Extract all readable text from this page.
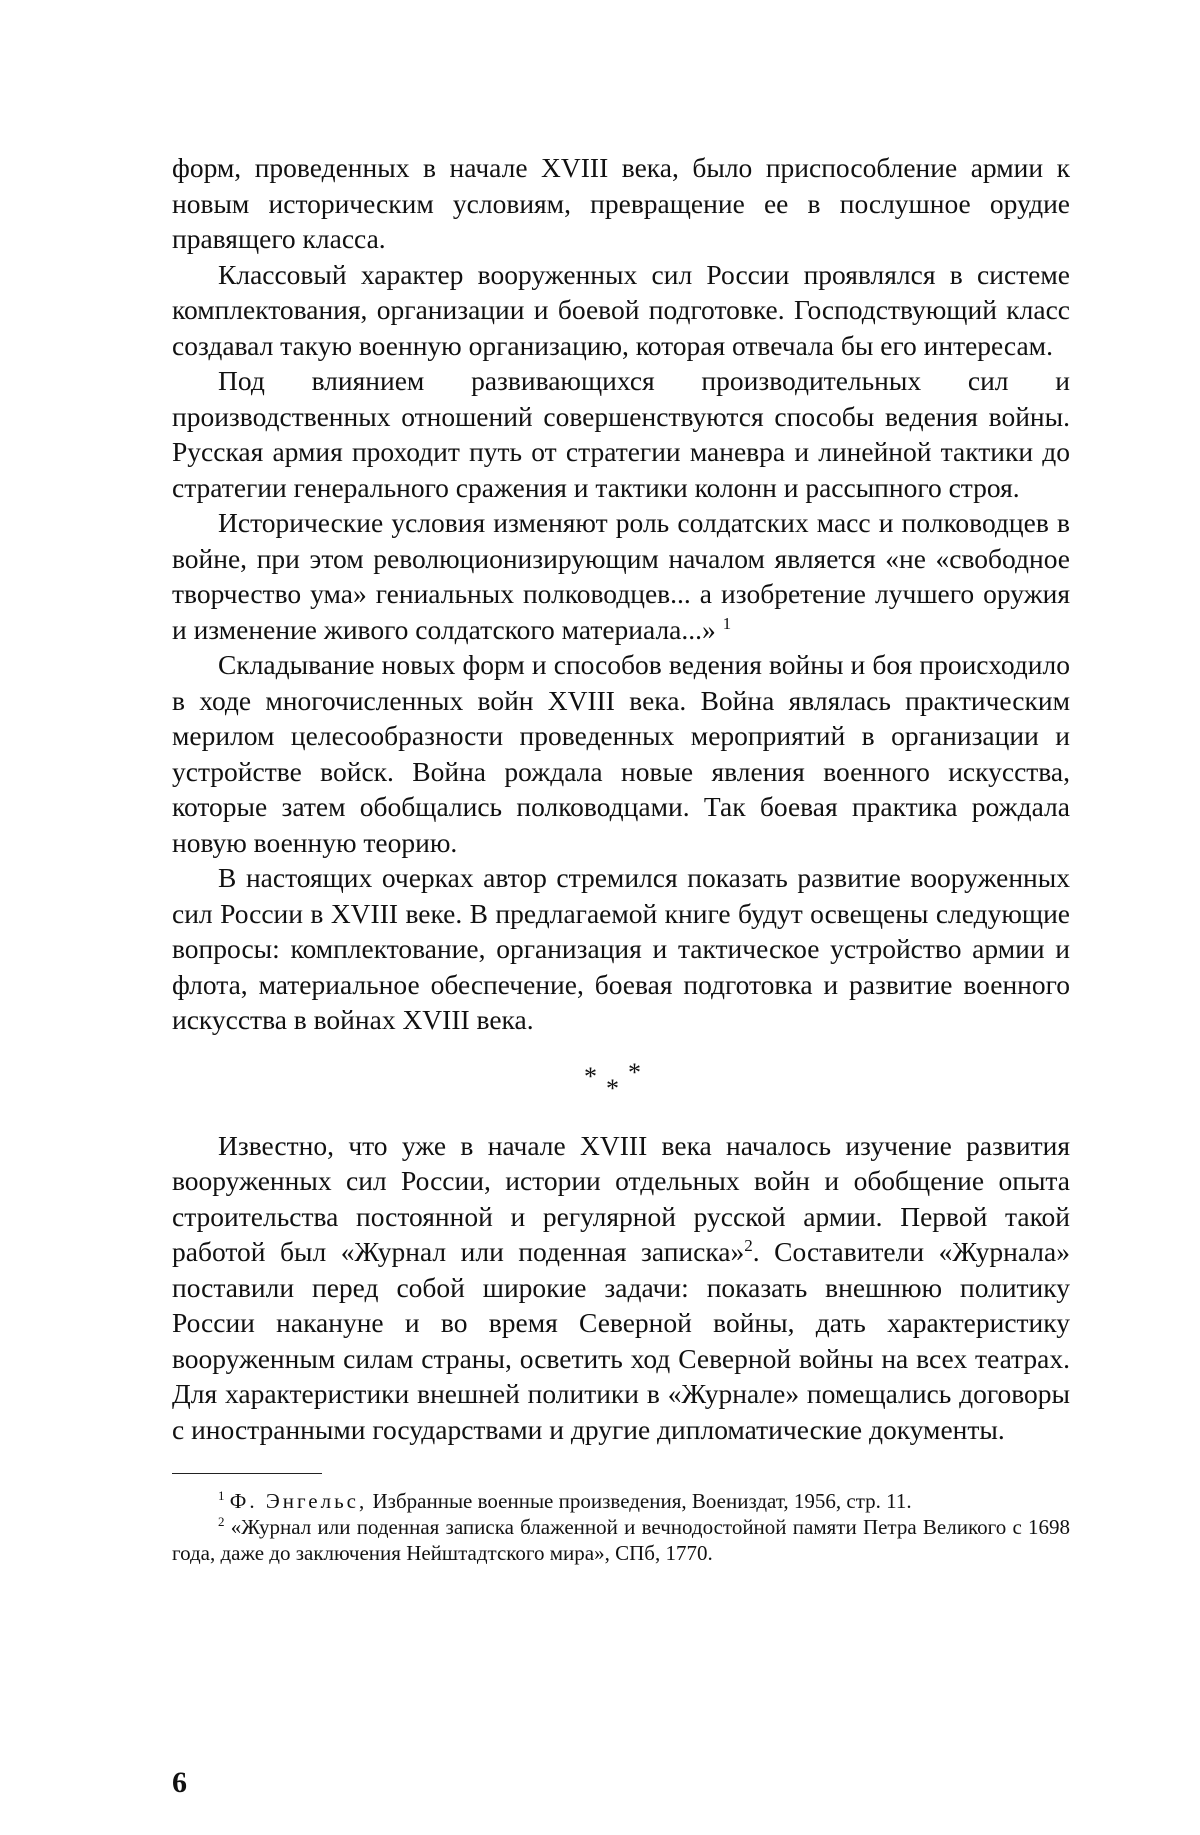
форм, проведенных в начале XVIII века, было приспособление армии к новым историческим условиям, превращение ее в послушное орудие правящего класса.

Классовый характер вооруженных сил России проявлялся в системе комплектования, организации и боевой подготовке. Господствующий класс создавал такую военную организацию, которая отвечала бы его интересам.

Под влиянием развивающихся производительных сил и производственных отношений совершенствуются способы ведения войны. Русская армия проходит путь от стратегии маневра и линейной тактики до стратегии генерального сражения и тактики колонн и рассыпного строя.

Исторические условия изменяют роль солдатских масс и полководцев в войне, при этом революционизирующим началом является «не «свободное творчество ума» гениальных полководцев... а изобретение лучшего оружия и изменение живого солдатского материала...» $^1$

Складывание новых форм и способов ведения войны и боя происходило в ходе многочисленных войн XVIII века. Война являлась практическим мерилом целесообразности проведенных мероприятий в организации и устройстве войск. Война рождала новые явления военного искусства, которые затем обобщались полководцами. Так боевая практика рождала новую военную теорию.

В настоящих очерках автор стремился показать развитие вооруженных сил России в XVIII веке. В предлагаемой книге будут освещены следующие вопросы: комплектование, организация и тактическое устройство армии и флота, материальное обеспечение, боевая подготовка и развитие военного искусства в войнах XVIII века.

* *
*

Известно, что уже в начале XVIII века началось изучение развития вооруженных сил России, истории отдельных войн и обобщение опыта строительства постоянной и регулярной русской армии. Первой такой работой был «Журнал или поденная записка»$^2$. Составители «Журнала» поставили перед собой широкие задачи: показать внешнюю политику России накануне и во время Северной войны, дать характеристику вооруженным силам страны, осветить ход Северной войны на всех театрах. Для характеристики внешней политики в «Журнале» помещались договоры с иностранными государствами и другие дипломатические документы.

$^1$ Ф. Энгельс, Избранные военные произведения, Воениздат, 1956, стр. 11.

$^2$ «Журнал или поденная записка блаженной и вечнодостойной памяти Петра Великого с 1698 года, даже до заключения Нейштадтского мира», СПб, 1770.

6
